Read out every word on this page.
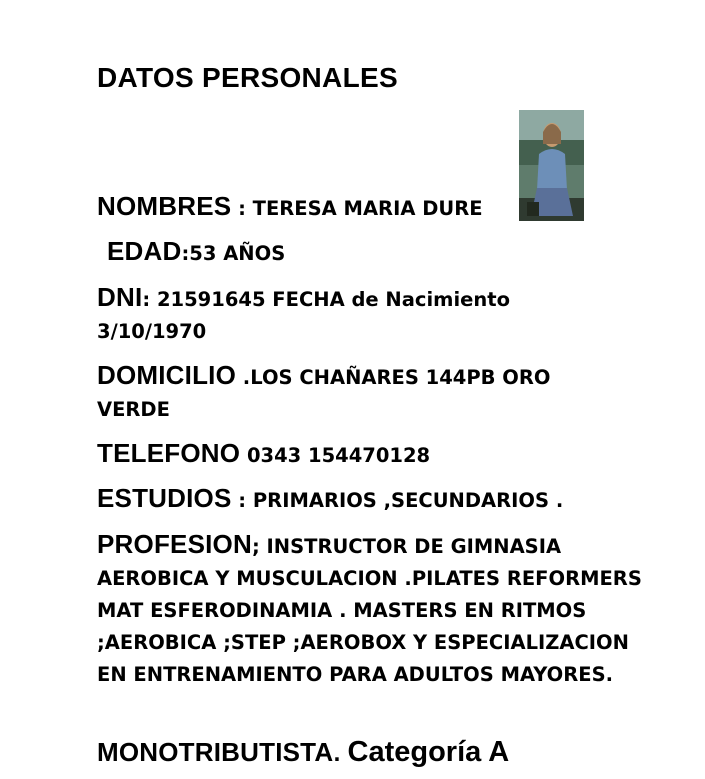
DATOS PERSONALES
NOMBRES : TERESA MARIA DURE
EDAD:53 AÑOS
DNI: 21591645 FECHA de Nacimiento 3/10/1970
DOMICILIO .LOS CHAÑARES 144PB ORO VERDE
TELEFONO 0343 154470128
ESTUDIOS : PRIMARIOS ,SECUNDARIOS .
PROFESION; INSTRUCTOR DE GIMNASIA AEROBICA Y MUSCULACION .PILATES REFORMERS MAT ESFERODINAMIA . MASTERS EN RITMOS ;AEROBICA ;STEP ;AEROBOX Y ESPECIALIZACION EN ENTRENAMIENTO PARA ADULTOS MAYORES.
MONOTRIBUTISTA. Categoría A
